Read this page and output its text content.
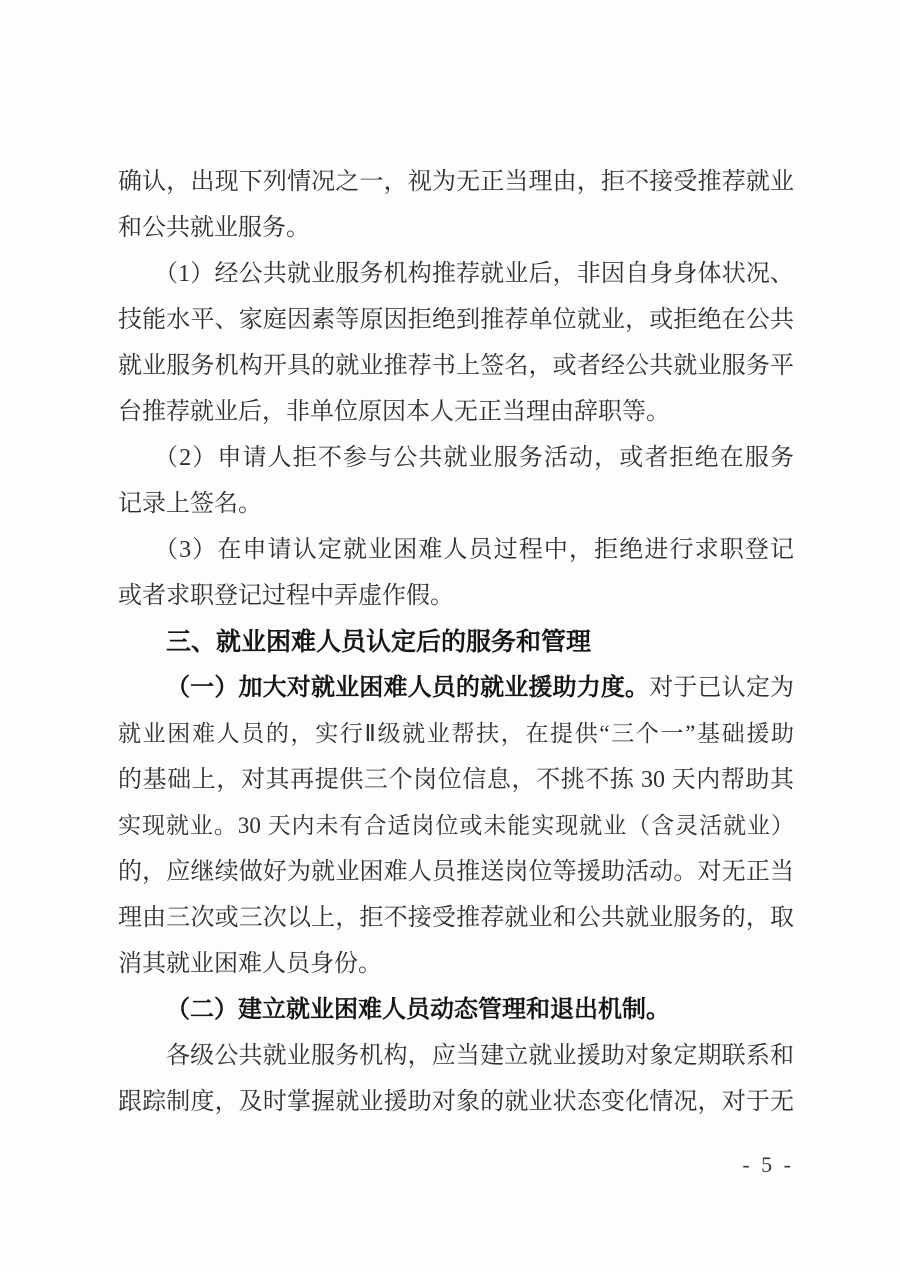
确认，出现下列情况之一，视为无正当理由，拒不接受推荐就业
和公共就业服务。
（1）经公共就业服务机构推荐就业后，非因自身身体状况、
技能水平、家庭因素等原因拒绝到推荐单位就业，或拒绝在公共
就业服务机构开具的就业推荐书上签名，或者经公共就业服务平
台推荐就业后，非单位原因本人无正当理由辞职等。
（2）申请人拒不参与公共就业服务活动，或者拒绝在服务
记录上签名。
（3）在申请认定就业困难人员过程中，拒绝进行求职登记
或者求职登记过程中弄虚作假。
三、就业困难人员认定后的服务和管理
（一）加大对就业困难人员的就业援助力度。对于已认定为
就业困难人员的，实行Ⅱ级就业帮扶，在提供“三个一”基础援助
的基础上，对其再提供三个岗位信息，不挑不拣 30 天内帮助其
实现就业。30 天内未有合适岗位或未能实现就业（含灵活就业）
的，应继续做好为就业困难人员推送岗位等援助活动。对无正当
理由三次或三次以上，拒不接受推荐就业和公共就业服务的，取
消其就业困难人员身份。
（二）建立就业困难人员动态管理和退出机制。
各级公共就业服务机构，应当建立就业援助对象定期联系和
跟踪制度，及时掌握就业援助对象的就业状态变化情况，对于无
- 5 -
